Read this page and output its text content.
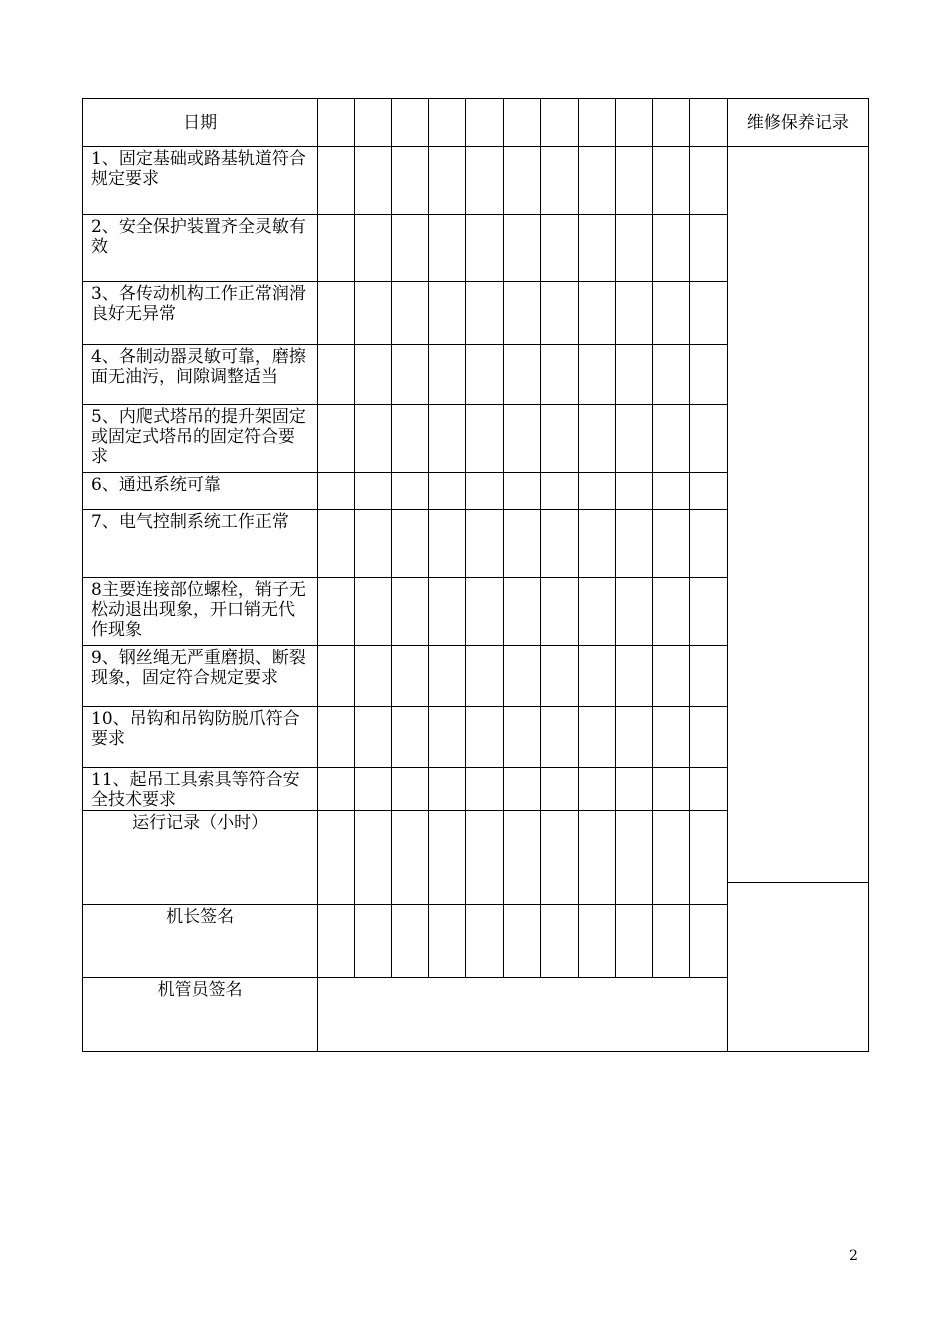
日期												维修保养记录
1、固定基础或路基轨道符合规定要求												
2、安全保护装置齐全灵敏有效												
3、各传动机构工作正常润滑良好无异常												
4、各制动器灵敏可靠，磨擦面无油污，间隙调整适当												
5、内爬式塔吊的提升架固定或固定式塔吊的固定符合要求												
6、通迅系统可靠												
7、电气控制系统工作正常												
8主要连接部位螺栓，销子无松动退出现象，开口销无代作现象												
9、钢丝绳无严重磨损、断裂现象，固定符合规定要求												
10、吊钩和吊钩防脱爪符合要求												
11、起吊工具索具等符合安全技术要求												
运行记录（小时）												

机长签名												
机管员签名												
2
